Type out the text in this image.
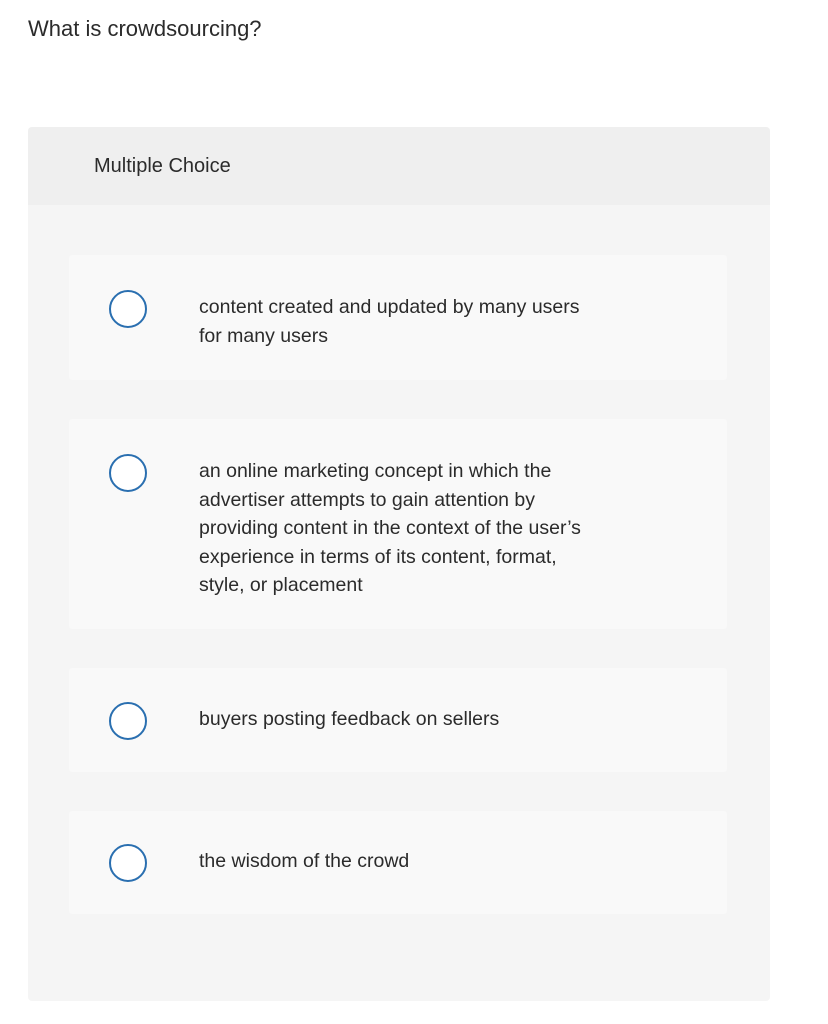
What is crowdsourcing?
Multiple Choice
content created and updated by many users for many users
an online marketing concept in which the advertiser attempts to gain attention by providing content in the context of the user’s experience in terms of its content, format, style, or placement
buyers posting feedback on sellers
the wisdom of the crowd
